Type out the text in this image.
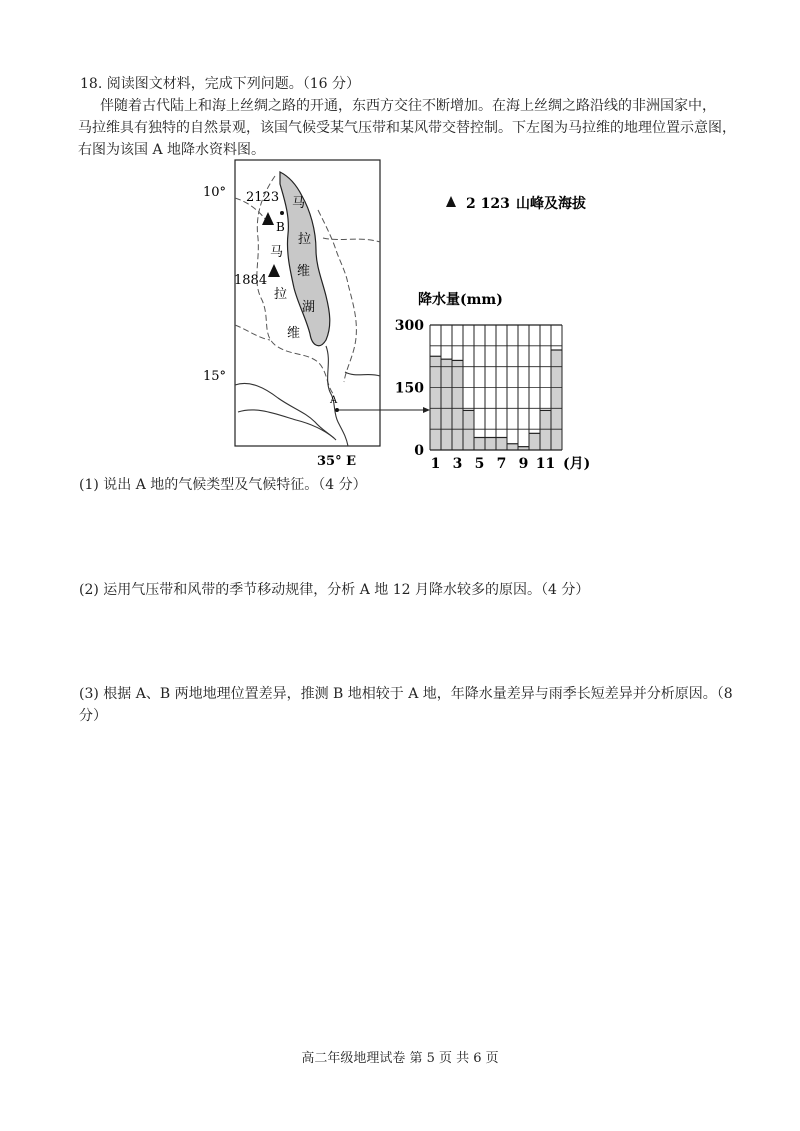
18. 阅读图文材料，完成下列问题。（16 分）
伴随着古代陆上和海上丝绸之路的开通，东西方交往不断增加。在海上丝绸之路沿线的非洲国家中，
马拉维具有独特的自然景观，该国气候受某气压带和某风带交替控制。下左图为马拉维的地理位置示意图，
右图为该国 A 地降水资料图。
10°
15°
35° E
2123
B
1884
马
拉
维
马
拉
维
湖
A
2 123 山峰及海拔
0
150
300
1 3 5 7 9 11 (月)
降水量(mm)
(1) 说出 A 地的气候类型及气候特征。（4 分）
(2) 运用气压带和风带的季节移动规律，分析 A 地 12 月降水较多的原因。（4 分）
(3) 根据 A、B 两地地理位置差异，推测 B 地相较于 A 地，年降水量差异与雨季长短差异并分析原因。（8
分）
高二年级地理试卷 第 5 页 共 6 页
